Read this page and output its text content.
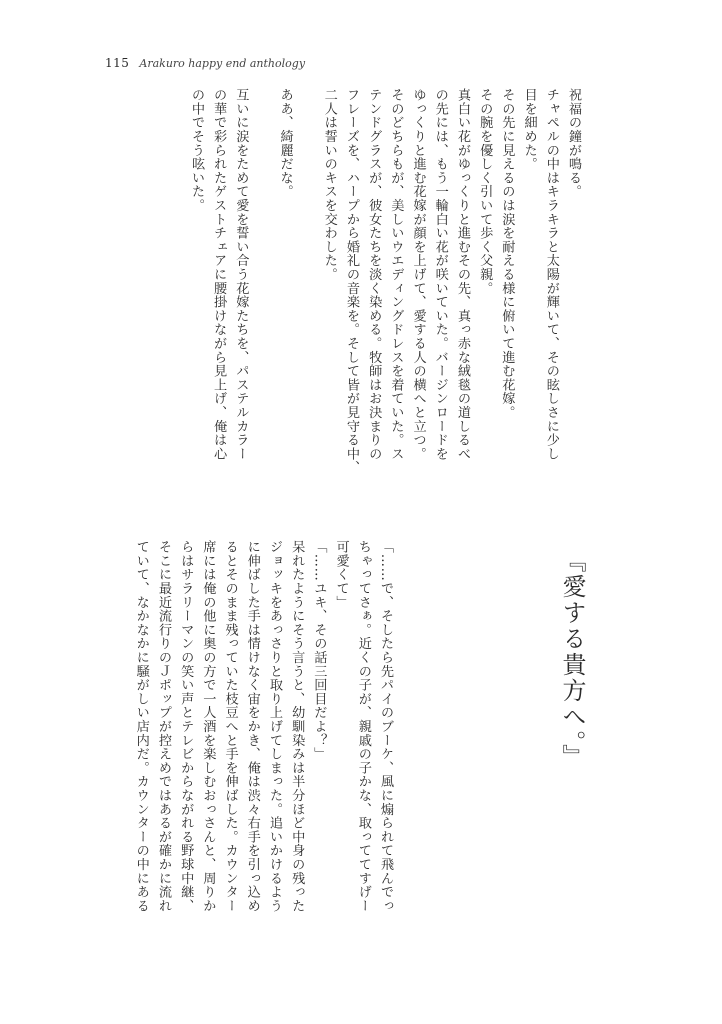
115 Arakuro happy end anthology

祝福の鐘が鳴る。

チャペルの中はキラキラと太陽が輝いて、その眩しさに少し

目を細めた。

その先に見えるのは涙を耐える様に俯いて進む花嫁。

その腕を優しく引いて歩く父親。

真白い花がゆっくりと進むその先、真っ赤な絨毯の道しるべ

の先には、もう一輪白い花が咲いていた。バージンロードを

ゆっくりと進む花嫁が顔を上げて、愛する人の横へと立つ。

そのどちらもが、美しいウエディングドレスを着ていた。ス

テンドグラスが、彼女たちを淡く染める。牧師はお決まりの

フレーズを、ハープから婚礼の音楽を。そして皆が見守る中、

二人は誓いのキスを交わした。

ああ、綺麗だな。

互いに涙をためて愛を誓い合う花嫁たちを、パステルカラー

の華で彩られたゲストチェアに腰掛けながら見上げ、俺は心

の中でそう呟いた。

『愛する貴方へ。』

「……で、そしたら先パイのブーケ、風に煽られて飛んでっ

ちゃってさぁ。近くの子が、親戚の子かな、取っててすげー

可愛くて」

「……ユキ、その話三回目だよ？」

呆れたようにそう言うと、幼馴染みは半分ほど中身の残った

ジョッキをあっさりと取り上げてしまった。追いかけるよう

に伸ばした手は情けなく宙をかき、俺は渋々右手を引っ込め

るとそのまま残っていた枝豆へと手を伸ばした。カウンター

席には俺の他に奥の方で一人酒を楽しむおっさんと、周りか

らはサラリーマンの笑い声とテレビからながれる野球中継、

そこに最近流行りのＪポップが控えめではあるが確かに流れ

ていて、なかなかに騒がしい店内だ。カウンターの中にある
